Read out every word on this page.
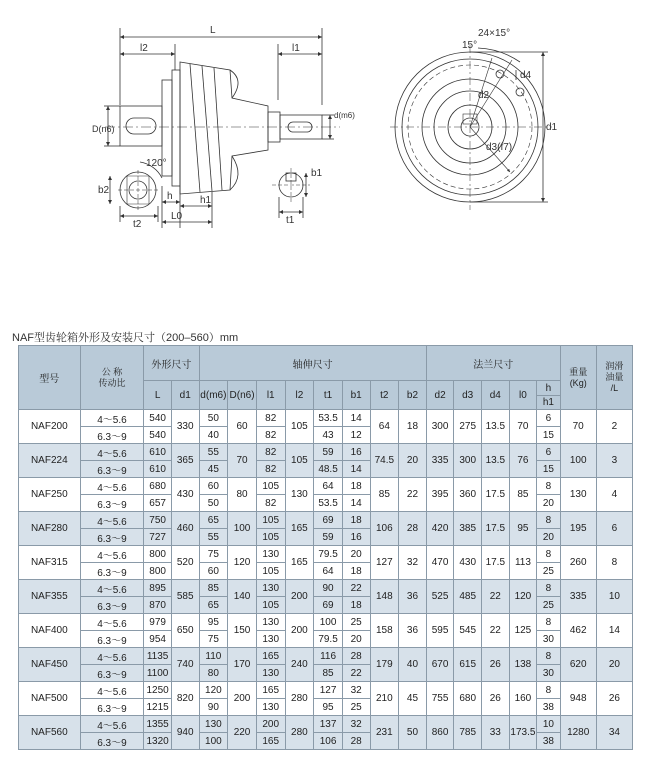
L
l2	l1
D(n6)
d(m6)
120°
b2
t2
h	h1
L0
b1
t1
24×15°
15°
d4
d2
d3(f7)
d1
NAF型齿轮箱外形及安装尺寸（200–560）mm
型号	公 称
传动比	外形尺寸		轴伸尺寸								法兰尺寸					重量
(Kg)	润滑
油量
/L
		L	d1	d(m6)	D(n6)	l1	l2	t1	b1	t2	b2	d2	d3	d4	l0	h
h1		

NAF200	4～5.6	540	330	50	60	82	105	53.5	14	64	18	300	275	13.5	70	6	70	2
	6.3～9	540		40		82		43	12							15		
NAF224	4～5.6	610	365	55	70	82	105	59	16	74.5	20	335	300	13.5	76	6	100	3
	6.3～9	610		45		82		48.5	14							15		
NAF250	4～5.6	680	430	60	80	105	130	64	18	85	22	395	360	17.5	85	8	130	4
	6.3～9	657		50		82		53.5	14							20		
NAF280	4～5.6	750	460	65	100	105	165	69	18	106	28	420	385	17.5	95	8	195	6
	6.3～9	727		55		105		59	16							20		
NAF315	4～5.6	800	520	75	120	130	165	79.5	20	127	32	470	430	17.5	113	8	260	8
	6.3～9	800		60		105		64	18							25		
NAF355	4～5.6	895	585	85	140	130	200	90	22	148	36	525	485	22	120	8	335	10
	6.3～9	870		65		105		69	18							25		
NAF400	4～5.6	979	650	95	150	130	200	100	25	158	36	595	545	22	125	8	462	14
	6.3～9	954		75		130		79.5	20							30		
NAF450	4～5.6	1135	740	110	170	165	240	116	28	179	40	670	615	26	138	8	620	20
	6.3～9	1100		80		130		85	22							30		
NAF500	4～5.6	1250	820	120	200	165	280	127	32	210	45	755	680	26	160	8	948	26
	6.3～9	1215		90		130		95	25							38		
NAF560	4～5.6	1355	940	130	220	200	280	137	32	231	50	860	785	33	173.5	10	1280	34
	6.3～9	1320		100		165		106	28							38		
